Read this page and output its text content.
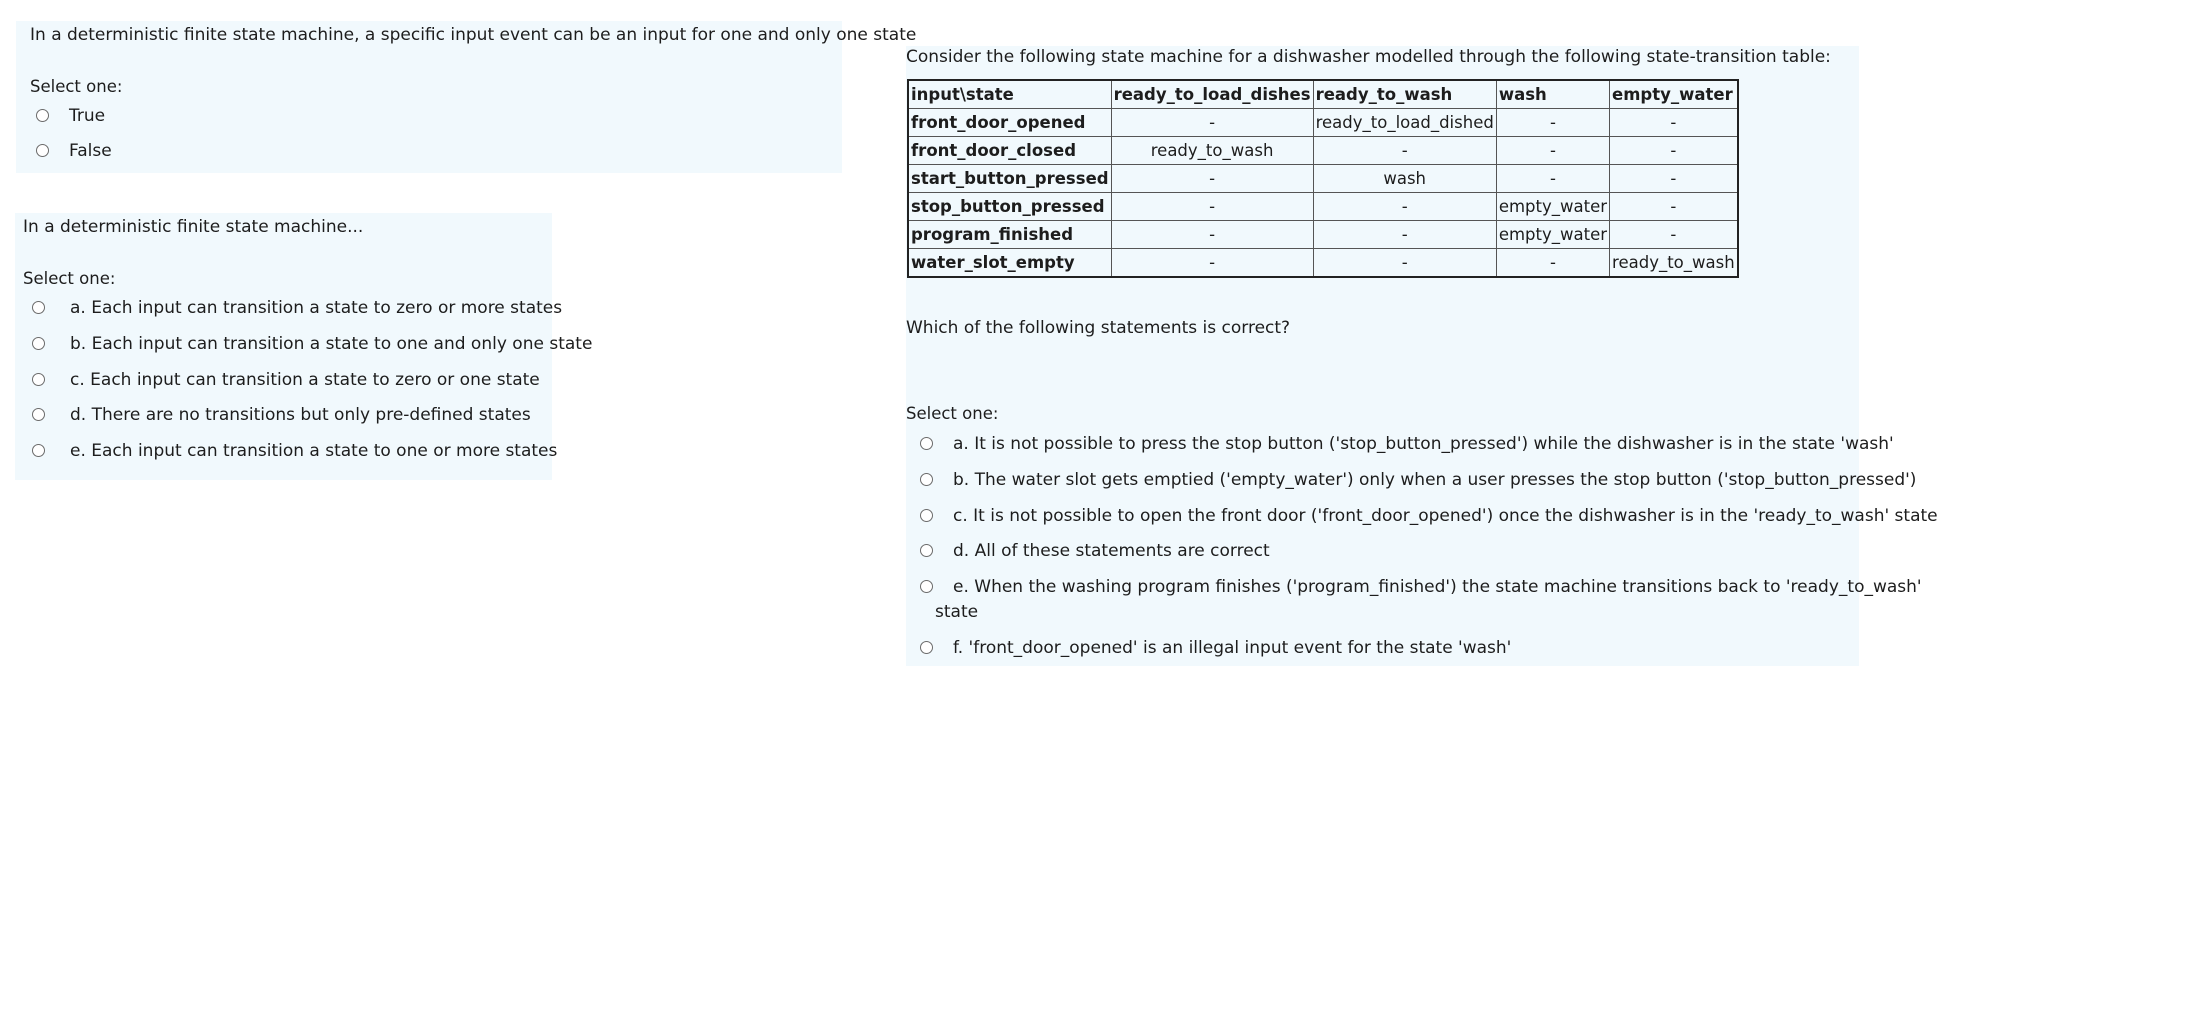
In a deterministic finite state machine, a specific input event can be an input for one and only one state
Select one:
True
False
In a deterministic finite state machine...
Select one:
a. Each input can transition a state to zero or more states
b. Each input can transition a state to one and only one state
c. Each input can transition a state to zero or one state
d. There are no transitions but only pre-defined states
e. Each input can transition a state to one or more states
Consider the following state machine for a dishwasher modelled through the following state-transition table:
input\state	ready_to_load_dishes	ready_to_wash	wash	empty_water
front_door_opened	-	ready_to_load_dished	-	-
front_door_closed	ready_to_wash	-	-	-
start_button_pressed	-	wash	-	-
stop_button_pressed	-	-	empty_water	-
program_finished	-	-	empty_water	-
water_slot_empty	-	-	-	ready_to_wash
Which of the following statements is correct?
Select one:
a. It is not possible to press the stop button ('stop_button_pressed') while the dishwasher is in the state 'wash'
b. The water slot gets emptied ('empty_water') only when a user presses the stop button ('stop_button_pressed')
c. It is not possible to open the front door ('front_door_opened') once the dishwasher is in the 'ready_to_wash' state
d. All of these statements are correct
e. When the washing program finishes ('program_finished') the state machine transitions back to 'ready_to_wash'
state
f. 'front_door_opened' is an illegal input event for the state 'wash'
